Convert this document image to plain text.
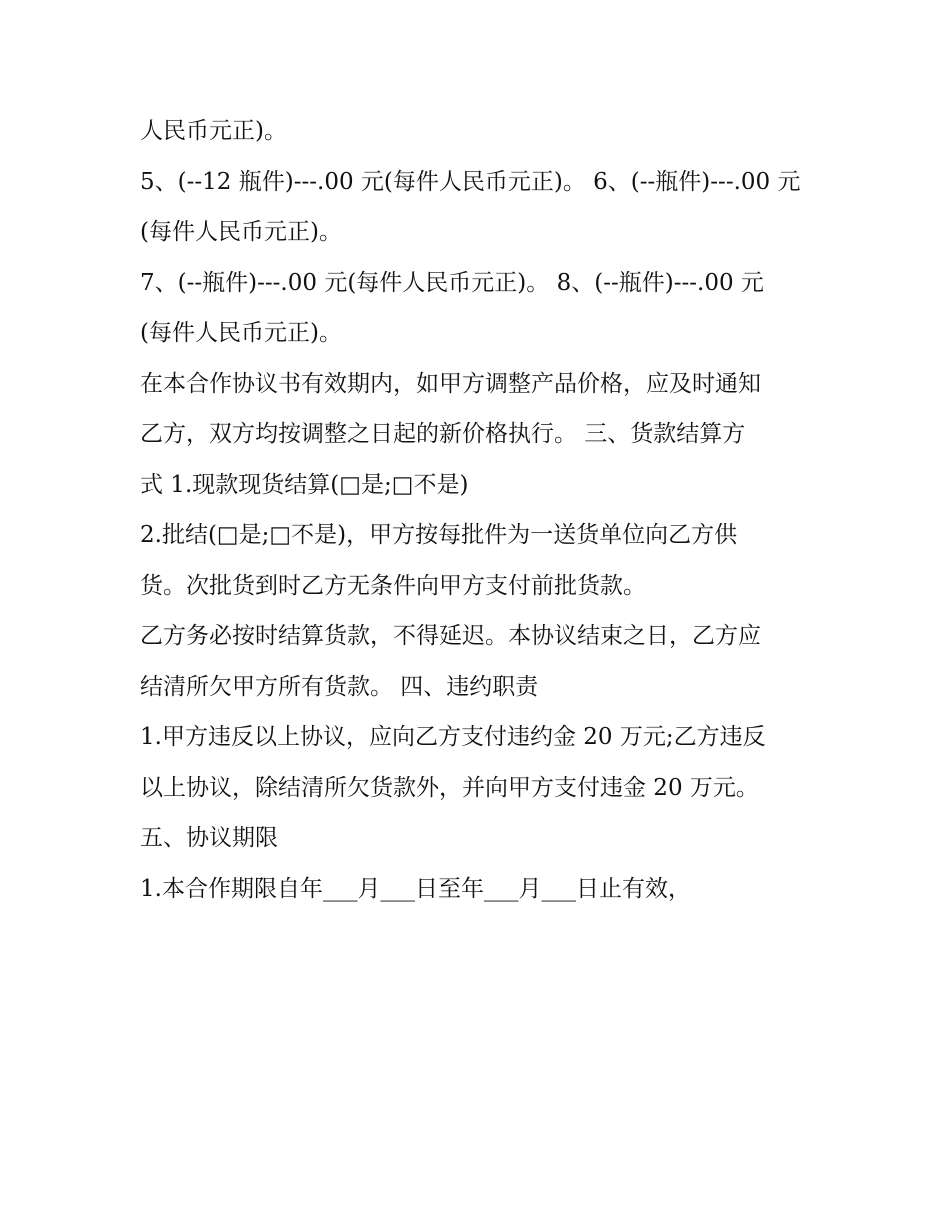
人民币元正)。
5、(--12 瓶件)---.00 元(每件人民币元正)。 6、(--瓶件)---.00 元
(每件人民币元正)。
7、(--瓶件)---.00 元(每件人民币元正)。 8、(--瓶件)---.00 元
(每件人民币元正)。
在本合作协议书有效期内，如甲方调整产品价格，应及时通知
乙方，双方均按调整之日起的新价格执行。 三、货款结算方
式 1.现款现货结算(□是;□不是)
2.批结(□是;□不是)，甲方按每批件为一送货单位向乙方供
货。次批货到时乙方无条件向甲方支付前批货款。
乙方务必按时结算货款，不得延迟。本协议结束之日，乙方应
结清所欠甲方所有货款。 四、违约职责
1.甲方违反以上协议，应向乙方支付违约金 20 万元;乙方违反
以上协议，除结清所欠货款外，并向甲方支付违金 20 万元。
五、协议期限
1.本合作期限自年___月___日至年___月___日止有效，
